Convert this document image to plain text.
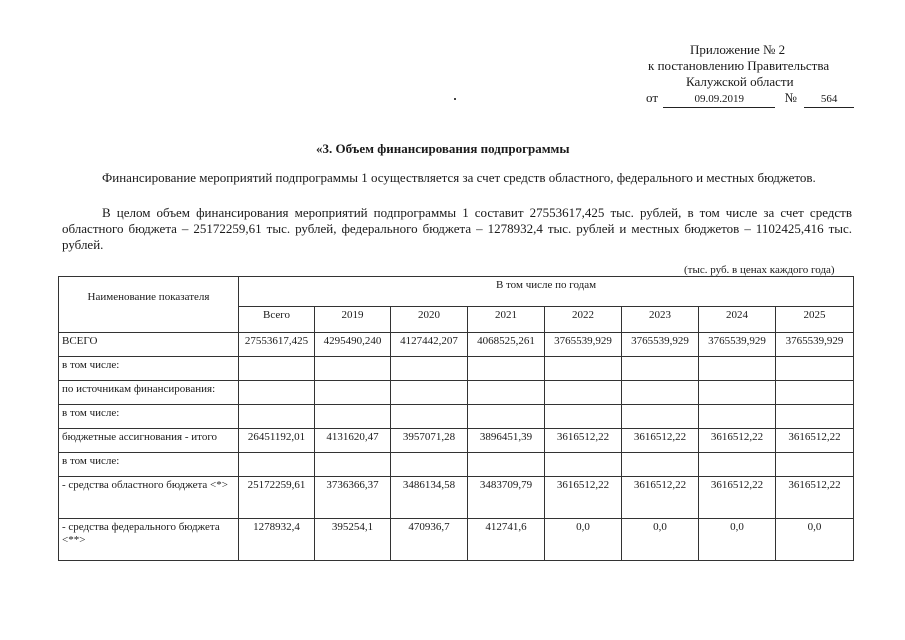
Приложение № 2
к постановлению Правительства
Калужской области
от	09.09.2019	№ 564
«3. Объем финансирования подпрограммы
Финансирование мероприятий подпрограммы 1 осуществляется за счет средств областного, федерального и местных бюджетов.
В целом объем финансирования мероприятий подпрограммы 1 составит 27553617,425 тыс. рублей, в том числе за счет средств областного бюджета – 25172259,61 тыс. рублей, федерального бюджета – 1278932,4 тыс. рублей и местных бюджетов – 1102425,416 тыс. рублей.
(тыс. руб. в ценах каждого года)
Наименование показателя	В том числе по годам							
	Всего	2019	2020	2021	2022	2023	2024	2025
ВСЕГО	27553617,425	4295490,240	4127442,207	4068525,261	3765539,929	3765539,929	3765539,929	3765539,929
в том числе:								
по источникам финансирования:								
в том числе:								
бюджетные ассигнования - итого	26451192,01	4131620,47	3957071,28	3896451,39	3616512,22	3616512,22	3616512,22	3616512,22
в том числе:								
- средства областного бюджета <*>	25172259,61	3736366,37	3486134,58	3483709,79	3616512,22	3616512,22	3616512,22	3616512,22
- средства федерального бюджета <**>	1278932,4	395254,1	470936,7	412741,6	0,0	0,0	0,0	0,0
